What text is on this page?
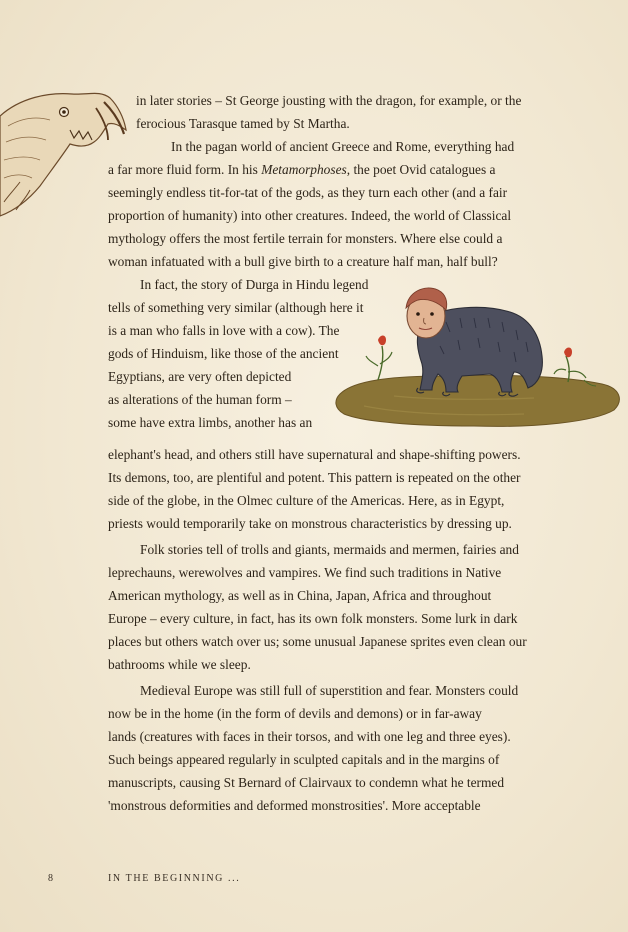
in later stories – St George jousting with the dragon, for example, or the

ferocious Tarasque tamed by St Martha.

In the pagan world of ancient Greece and Rome, everything had

a far more fluid form. In his Metamorphoses, the poet Ovid catalogues a

seemingly endless tit-for-tat of the gods, as they turn each other (and a fair

proportion of humanity) into other creatures. Indeed, the world of Classical

mythology offers the most fertile terrain for monsters. Where else could a

woman infatuated with a bull give birth to a creature half man, half bull?

In fact, the story of Durga in Hindu legend

tells of something very similar (although here it

is a man who falls in love with a cow). The

gods of Hinduism, like those of the ancient

Egyptians, are very often depicted

as alterations of the human form –

some have extra limbs, another has an

elephant's head, and others still have supernatural and shape-shifting powers.

Its demons, too, are plentiful and potent. This pattern is repeated on the other

side of the globe, in the Olmec culture of the Americas. Here, as in Egypt,

priests would temporarily take on monstrous characteristics by dressing up.

Folk stories tell of trolls and giants, mermaids and mermen, fairies and

leprechauns, werewolves and vampires. We find such traditions in Native

American mythology, as well as in China, Japan, Africa and throughout

Europe – every culture, in fact, has its own folk monsters. Some lurk in dark

places but others watch over us; some unusual Japanese sprites even clean our

bathrooms while we sleep.

Medieval Europe was still full of superstition and fear. Monsters could

now be in the home (in the form of devils and demons) or in far-away

lands (creatures with faces in their torsos, and with one leg and three eyes).

Such beings appeared regularly in sculpted capitals and in the margins of

manuscripts, causing St Bernard of Clairvaux to condemn what he termed

'monstrous deformities and deformed monstrosities'. More acceptable

8	IN THE BEGINNING ...
